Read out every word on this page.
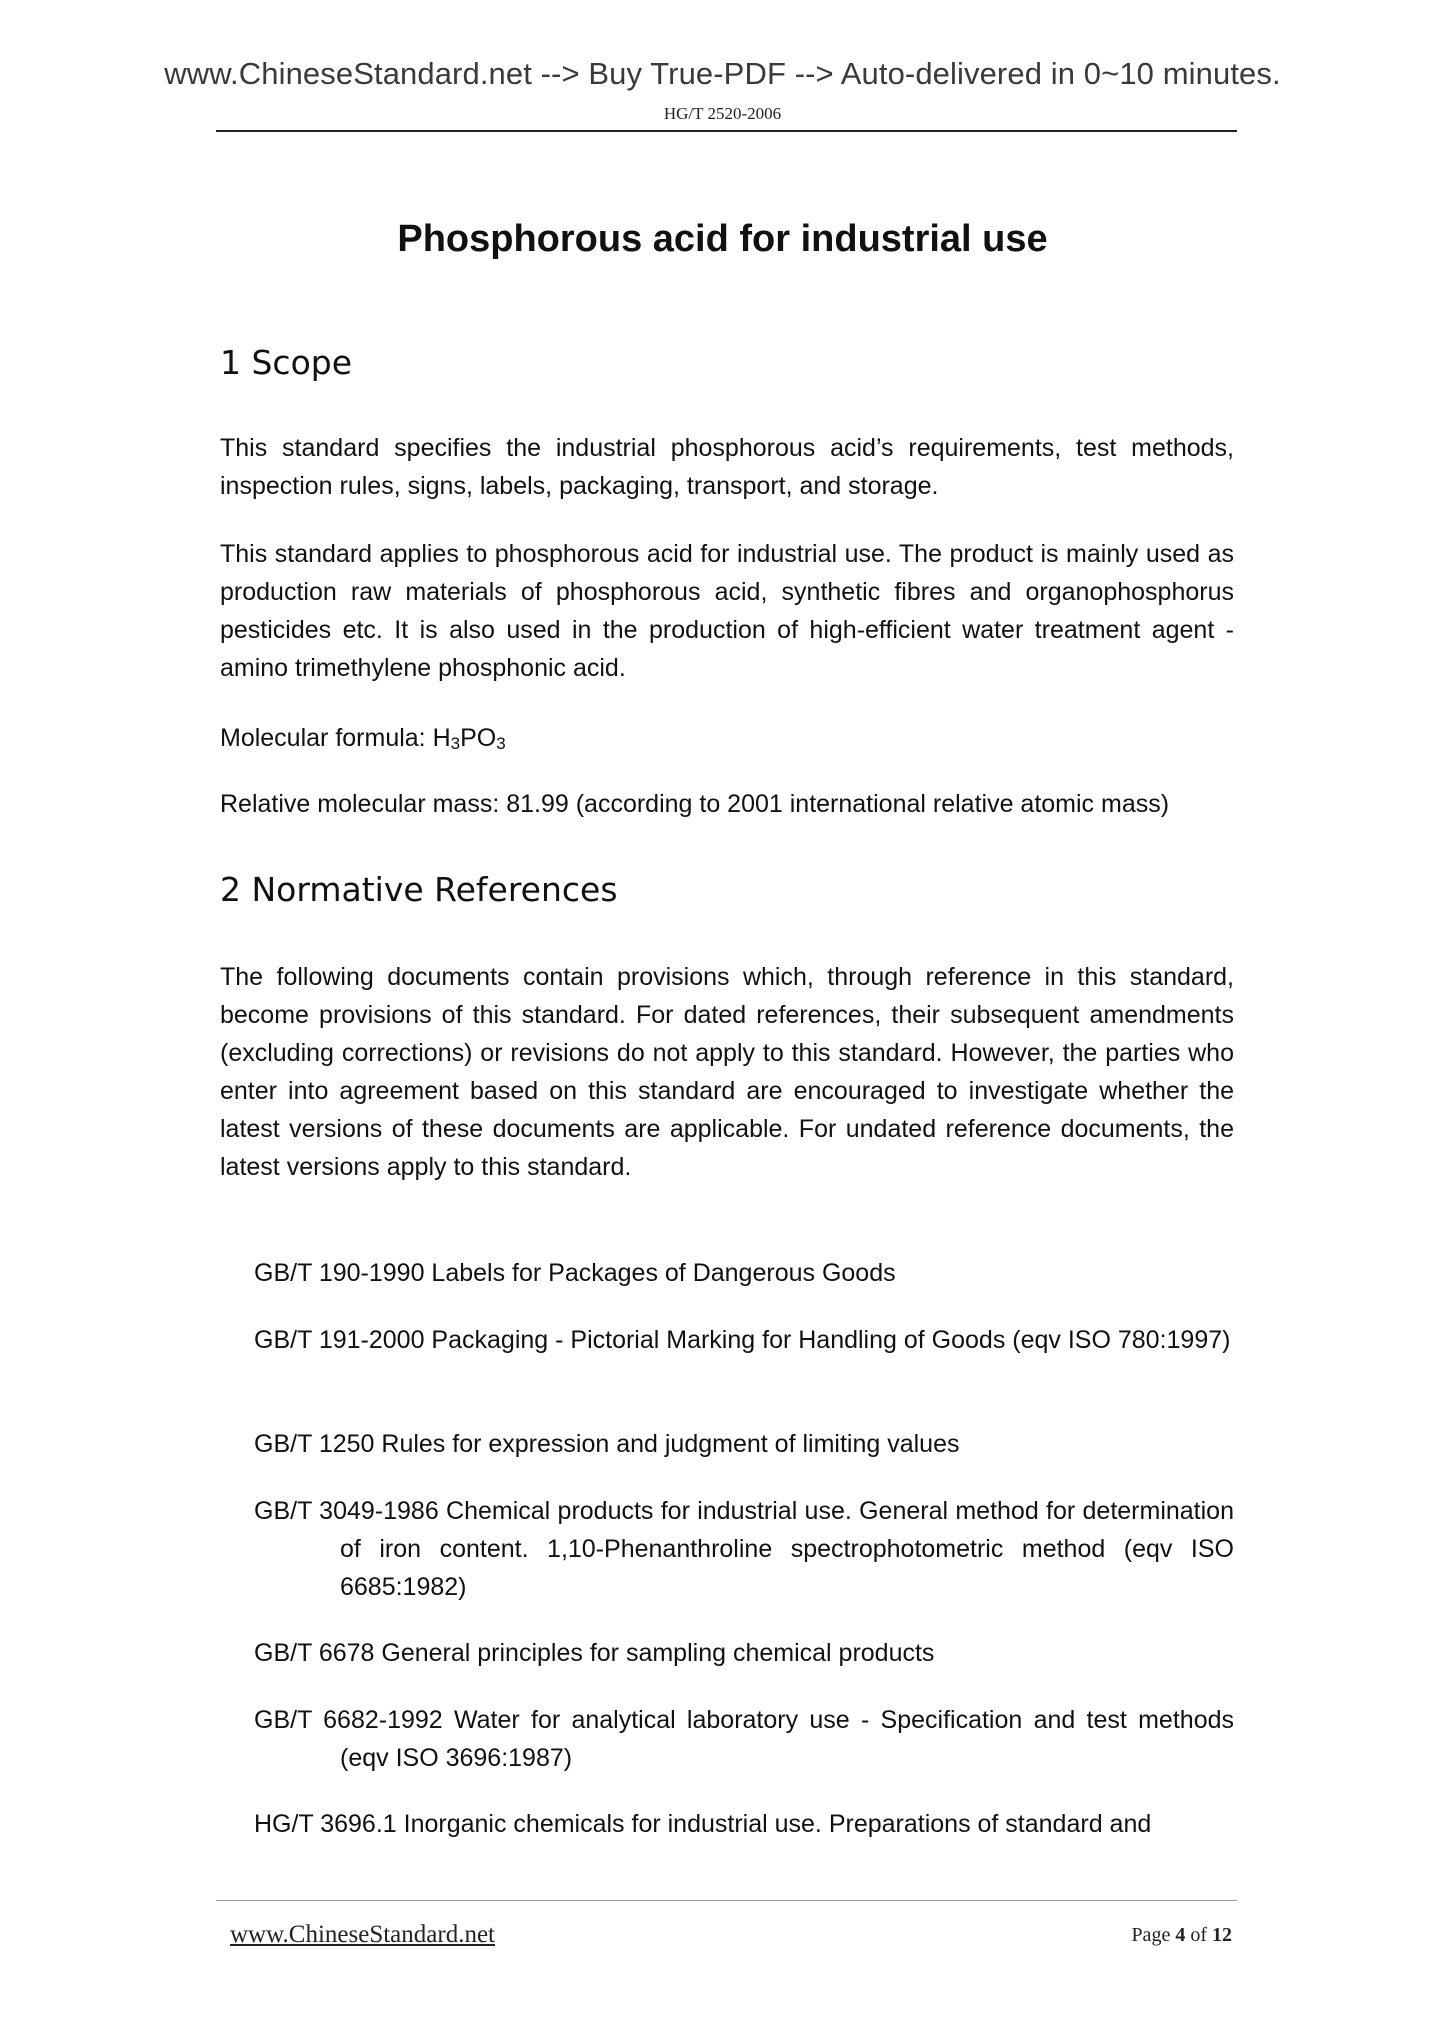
www.ChineseStandard.net --> Buy True-PDF --> Auto-delivered in 0~10 minutes.
HG/T 2520-2006
Phosphorous acid for industrial use
1 Scope
This standard specifies the industrial phosphorous acid’s requirements, test methods, inspection rules, signs, labels, packaging, transport, and storage.
This standard applies to phosphorous acid for industrial use. The product is mainly used as production raw materials of phosphorous acid, synthetic fibres and organophosphorus pesticides etc. It is also used in the production of high-efficient water treatment agent - amino trimethylene phosphonic acid.
Molecular formula: H3PO3
Relative molecular mass: 81.99 (according to 2001 international relative atomic mass)
2 Normative References
The following documents contain provisions which, through reference in this standard, become provisions of this standard. For dated references, their subsequent amendments (excluding corrections) or revisions do not apply to this standard. However, the parties who enter into agreement based on this standard are encouraged to investigate whether the latest versions of these documents are applicable. For undated reference documents, the latest versions apply to this standard.
GB/T 190-1990 Labels for Packages of Dangerous Goods
GB/T 191-2000 Packaging - Pictorial Marking for Handling of Goods (eqv ISO 780:1997)
GB/T 1250 Rules for expression and judgment of limiting values
GB/T 3049-1986 Chemical products for industrial use. General method for determination of iron content. 1,10-Phenanthroline spectrophotometric method (eqv ISO 6685:1982)
GB/T 6678 General principles for sampling chemical products
GB/T 6682-1992 Water for analytical laboratory use - Specification and test methods (eqv ISO 3696:1987)
HG/T 3696.1 Inorganic chemicals for industrial use. Preparations of standard and
www.ChineseStandard.net	Page 4 of 12
